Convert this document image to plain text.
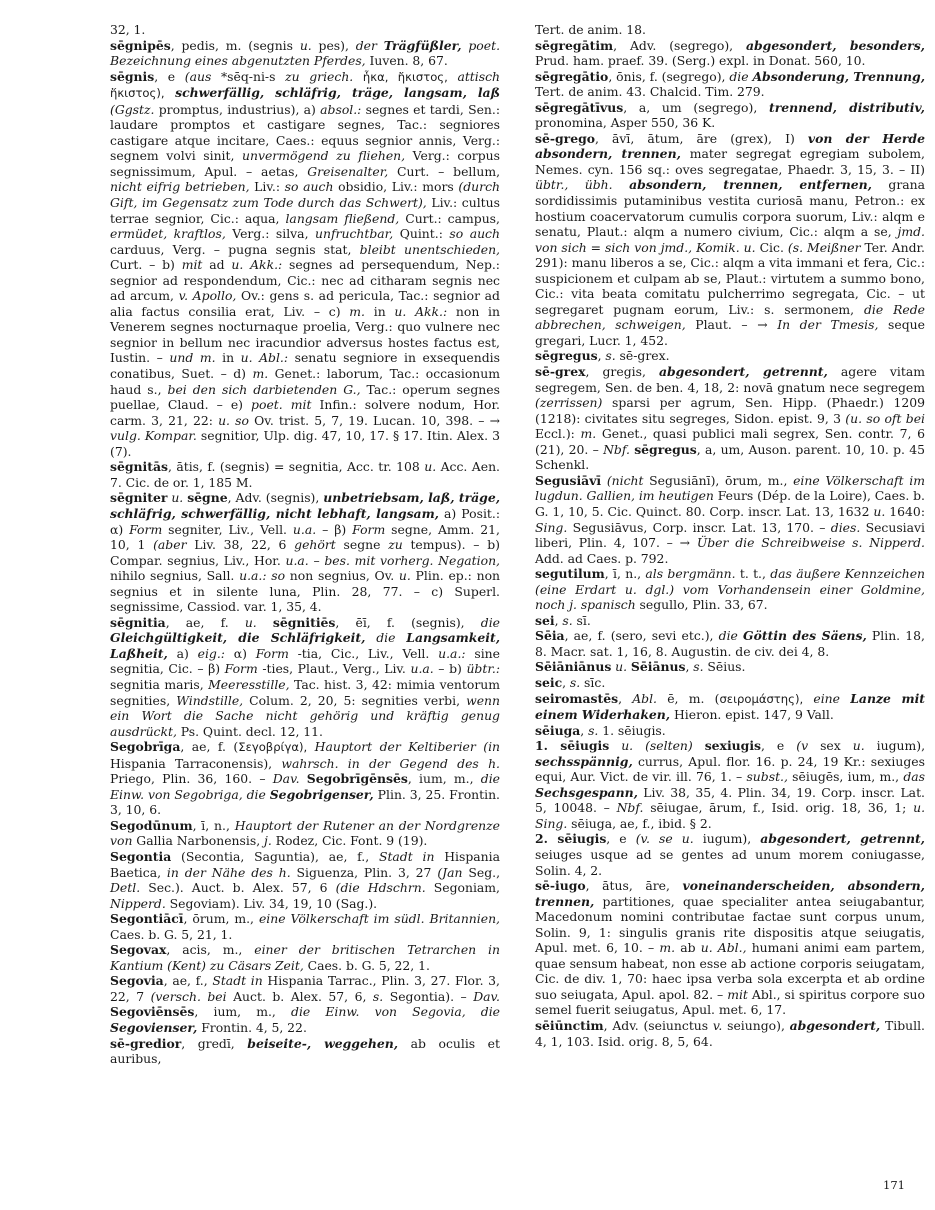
32, 1.

sēgnipēs, pedis, m. (segnis u. pes), der Trägfüßler, poet. Bezeichnung eines abgenutzten Pferdes, Iuven. 8, 67.

sēgnis, e (aus *sēq-ni-s zu griech. ἦκα, ἤκιστος, attisch ἥκιστος), schwerfällig, schläfrig, träge, langsam, laß (Ggstz. promptus, industrius), a) absol.: segnes et tardi, Sen.: laudare promptos et castigare segnes, Tac.: segniores castigare atque incitare, Caes.: equus segnior annis, Verg.: segnem volvi sinit, unvermögend zu fliehen, Verg.: corpus segnissimum, Apul. – aetas, Greisenalter, Curt. – bellum, nicht eifrig betrieben, Liv.: so auch obsidio, Liv.: mors (durch Gift, im Gegensatz zum Tode durch das Schwert), Liv.: cultus terrae segnior, Cic.: aqua, langsam fließend, Curt.: campus, ermüdet, kraftlos, Verg.: silva, unfruchtbar, Quint.: so auch carduus, Verg. – pugna segnis stat, bleibt unentschieden, Curt. – b) mit ad u. Akk.: segnes ad persequendum, Nep.: segnior ad respondendum, Cic.: nec ad citharam segnis nec ad arcum, v. Apollo, Ov.: gens s. ad pericula, Tac.: segnior ad alia factus consilia erat, Liv. – c) m. in u. Akk.: non in Venerem segnes nocturnaque proelia, Verg.: quo vulnere nec segnior in bellum nec iracundior adversus hostes factus est, Iustin. – und m. in u. Abl.: senatu segniore in exsequendis conatibus, Suet. – d) m. Genet.: laborum, Tac.: occasionum haud s., bei den sich darbietenden G., Tac.: operum segnes puellae, Claud. – e) poet. mit Infin.: solvere nodum, Hor. carm. 3, 21, 22: u. so Ov. trist. 5, 7, 19. Lucan. 10, 398. – → vulg. Kompar. segnitior, Ulp. dig. 47, 10, 17. § 17. Itin. Alex. 3 (7).

sēgnitās, ātis, f. (segnis) = segnitia, Acc. tr. 108 u. Acc. Aen. 7. Cic. de or. 1, 185 M.

sēgniter u. sēgne, Adv. (segnis), unbetriebsam, laß, träge, schläfrig, schwerfällig, nicht lebhaft, langsam, a) Posit.: α) Form segniter, Liv., Vell. u.a. – β) Form segne, Amm. 21, 10, 1 (aber Liv. 38, 22, 6 gehört segne zu tempus). – b) Compar. segnius, Liv., Hor. u.a. – bes. mit vorherg. Negation, nihilo segnius, Sall. u.a.: so non segnius, Ov. u. Plin. ep.: non segnius et in silente luna, Plin. 28, 77. – c) Superl. segnissime, Cassiod. var. 1, 35, 4.

sēgnitia, ae, f. u. sēgnitiēs, ēī, f. (segnis), die Gleichgültigkeit, die Schläfrigkeit, die Langsamkeit, Laßheit, a) eig.: α) Form -tia, Cic., Liv., Vell. u.a.: sine segnitia, Cic. – β) Form -ties, Plaut., Verg., Liv. u.a. – b) übtr.: segnitia maris, Meeresstille, Tac. hist. 3, 42: mimia ventorum segnities, Windstille, Colum. 2, 20, 5: segnities verbi, wenn ein Wort die Sache nicht gehörig und kräftig genug ausdrückt, Ps. Quint. decl. 12, 11.

Segobrīga, ae, f. (Σεγοβρίγα), Hauptort der Keltiberier (in Hispania Tarraconensis), wahrsch. in der Gegend des h. Priego, Plin. 36, 160. – Dav. Segobrīgēnsēs, ium, m., die Einw. von Segobriga, die Segobrigenser, Plin. 3, 25. Frontin. 3, 10, 6.

Segodūnum, ī, n., Hauptort der Rutener an der Nordgrenze von Gallia Narbonensis, j. Rodez, Cic. Font. 9 (19).

Segontia (Secontia, Saguntia), ae, f., Stadt in Hispania Baetica, in der Nähe des h. Siguenza, Plin. 3, 27 (Jan Seg., Detl. Sec.). Auct. b. Alex. 57, 6 (die Hdschrn. Segoniam, Nipperd. Segoviam). Liv. 34, 19, 10 (Sag.).

Segontiācī, ōrum, m., eine Völkerschaft im südl. Britannien, Caes. b. G. 5, 21, 1.

Segovax, acis, m., einer der britischen Tetrarchen in Kantium (Kent) zu Cäsars Zeit, Caes. b. G. 5, 22, 1.

Segovia, ae, f., Stadt in Hispania Tarrac., Plin. 3, 27. Flor. 3, 22, 7 (versch. bei Auct. b. Alex. 57, 6, s. Segontia). – Dav. Segoviēnsēs, ium, m., die Einw. von Segovia, die Segovienser, Frontin. 4, 5, 22.

sē-gredior, gredī, beiseite-, weggehen, ab oculis et auribus,

Tert. de anim. 18.

sēgregātim, Adv. (segrego), abgesondert, besonders, Prud. ham. praef. 39. (Serg.) expl. in Donat. 560, 10.

sēgregātio, ōnis, f. (segrego), die Absonderung, Trennung, Tert. de anim. 43. Chalcid. Tim. 279.

sēgregātīvus, a, um (segrego), trennend, distributiv, pronomina, Asper 550, 36 K.

sē-grego, āvī, ātum, āre (grex), I) von der Herde absondern, trennen, mater segregat egregiam subolem, Nemes. cyn. 156 sq.: oves segregatae, Phaedr. 3, 15, 3. – II) übtr., übh. absondern, trennen, entfernen, grana sordidissimis putaminibus vestita curiosā manu, Petron.: ex hostium coacervatorum cumulis corpora suorum, Liv.: alqm e senatu, Plaut.: alqm a numero civium, Cic.: alqm a se, jmd. von sich = sich von jmd., Komik. u. Cic. (s. Meißner Ter. Andr. 291): manu liberos a se, Cic.: alqm a vita immani et fera, Cic.: suspicionem et culpam ab se, Plaut.: virtutem a summo bono, Cic.: vita beata comitatu pulcherrimo segregata, Cic. – ut segregaret pugnam eorum, Liv.: s. sermonem, die Rede abbrechen, schweigen, Plaut. – → In der Tmesis, seque gregari, Lucr. 1, 452.

sēgregus, s. sē-grex.

sē-grex, gregis, abgesondert, getrennt, agere vitam segregem, Sen. de ben. 4, 18, 2: novā gnatum nece segregem (zerrissen) sparsi per agrum, Sen. Hipp. (Phaedr.) 1209 (1218): civitates situ segreges, Sidon. epist. 9, 3 (u. so oft bei Eccl.): m. Genet., quasi publici mali segrex, Sen. contr. 7, 6 (21), 20. – Nbf. sēgregus, a, um, Auson. parent. 10, 10. p. 45 Schenkl.

Segusiāvī (nicht Segusiānī), ōrum, m., eine Völkerschaft im lugdun. Gallien, im heutigen Feurs (Dép. de la Loire), Caes. b. G. 1, 10, 5. Cic. Quinct. 80. Corp. inscr. Lat. 13, 1632 u. 1640: Sing. Segusiāvus, Corp. inscr. Lat. 13, 170. – dies. Secusiavi liberi, Plin. 4, 107. – → Über die Schreibweise s. Nipperd. Add. ad Caes. p. 792.

segutilum, ī, n., als bergmänn. t. t., das äußere Kennzeichen (eine Erdart u. dgl.) vom Vorhandensein einer Goldmine, noch j. spanisch segullo, Plin. 33, 67.

sei, s. sī.

Sēia, ae, f. (sero, sevi etc.), die Göttin des Säens, Plin. 18, 8. Macr. sat. 1, 16, 8. Augustin. de civ. dei 4, 8.

Sēiāniānus u. Sēiānus, s. Sēius.

seic, s. sīc.

seiromastēs, Abl. ē, m. (σειρομάστης), eine Lanze mit einem Widerhaken, Hieron. epist. 147, 9 Vall.

sēiuga, s. 1. sēiugis.

1. sēiugis u. (selten) sexiugis, e (v sex u. iugum), sechsspännig, currus, Apul. flor. 16. p. 24, 19 Kr.: sexiuges equi, Aur. Vict. de vir. ill. 76, 1. – subst., sēiugēs, ium, m., das Sechsgespann, Liv. 38, 35, 4. Plin. 34, 19. Corp. inscr. Lat. 5, 10048. – Nbf. sēiugae, ārum, f., Isid. orig. 18, 36, 1; u. Sing. sēiuga, ae, f., ibid. § 2.

2. sēiugis, e (v. se u. iugum), abgesondert, getrennt, seiuges usque ad se gentes ad unum morem coniugasse, Solin. 4, 2.

sē-iugo, ātus, āre, voneinanderscheiden, absondern, trennen, partitiones, quae specialiter antea seiugabantur, Macedonum nomini contributae factae sunt corpus unum, Solin. 9, 1: singulis granis rite dispositis atque seiugatis, Apul. met. 6, 10. – m. ab u. Abl., humani animi eam partem, quae sensum habeat, non esse ab actione corporis seiugatam, Cic. de div. 1, 70: haec ipsa verba sola excerpta et ab ordine suo seiugata, Apul. apol. 82. – mit Abl., si spiritus corpore suo semel fuerit seiugatus, Apul. met. 6, 17.

sēiūnctim, Adv. (seiunctus v. seiungo), abgesondert, Tibull. 4, 1, 103. Isid. orig. 8, 5, 64.

171
